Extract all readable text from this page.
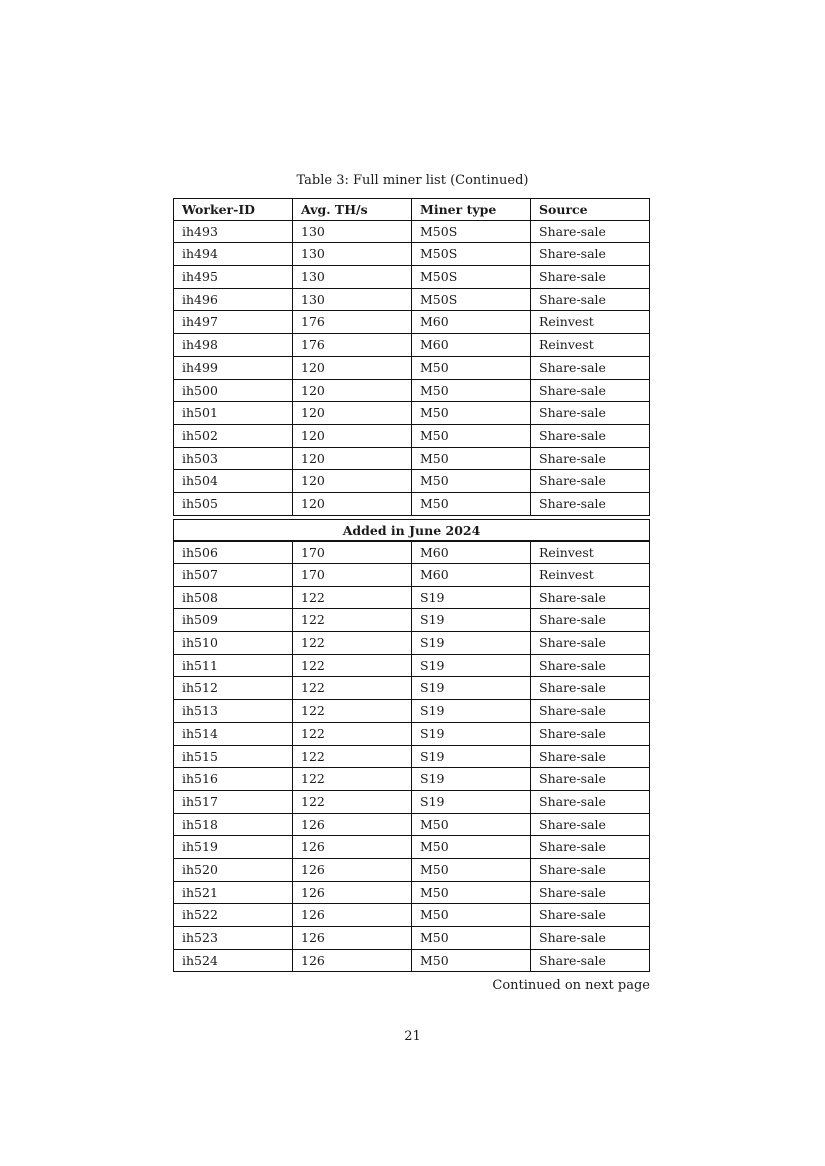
Table 3: Full miner list (Continued)
Worker-ID	Avg. TH/s	Miner type	Source
ih493	130	M50S	Share-sale
ih494	130	M50S	Share-sale
ih495	130	M50S	Share-sale
ih496	130	M50S	Share-sale
ih497	176	M60	Reinvest
ih498	176	M60	Reinvest
ih499	120	M50	Share-sale
ih500	120	M50	Share-sale
ih501	120	M50	Share-sale
ih502	120	M50	Share-sale
ih503	120	M50	Share-sale
ih504	120	M50	Share-sale
ih505	120	M50	Share-sale
Added in June 2024
ih506	170	M60	Reinvest
ih507	170	M60	Reinvest
ih508	122	S19	Share-sale
ih509	122	S19	Share-sale
ih510	122	S19	Share-sale
ih511	122	S19	Share-sale
ih512	122	S19	Share-sale
ih513	122	S19	Share-sale
ih514	122	S19	Share-sale
ih515	122	S19	Share-sale
ih516	122	S19	Share-sale
ih517	122	S19	Share-sale
ih518	126	M50	Share-sale
ih519	126	M50	Share-sale
ih520	126	M50	Share-sale
ih521	126	M50	Share-sale
ih522	126	M50	Share-sale
ih523	126	M50	Share-sale
ih524	126	M50	Share-sale
Continued on next page
21
